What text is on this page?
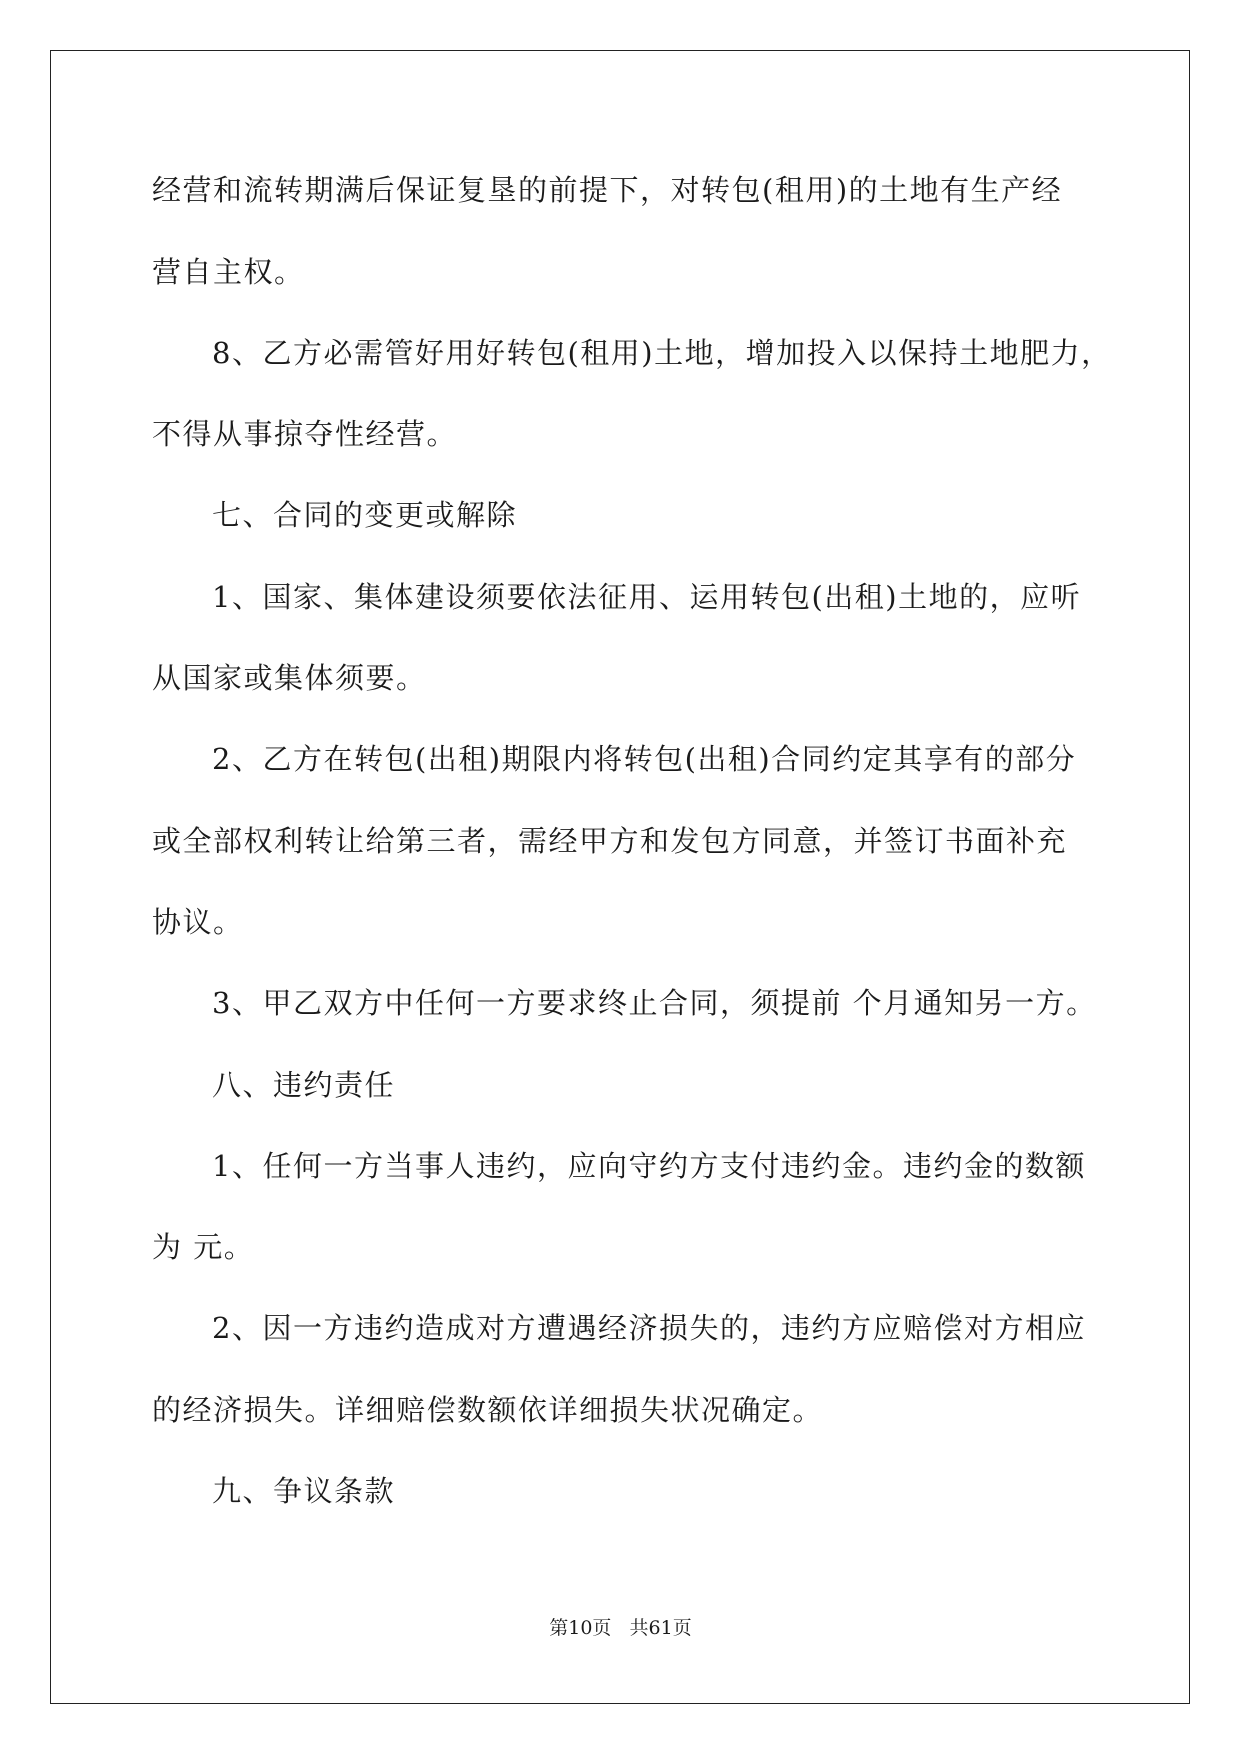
经营和流转期满后保证复垦的前提下，对转包(租用)的土地有生产经
营自主权。
8、乙方必需管好用好转包(租用)土地，增加投入以保持土地肥力，
不得从事掠夺性经营。
七、合同的变更或解除
1、国家、集体建设须要依法征用、运用转包(出租)土地的，应听
从国家或集体须要。
2、乙方在转包(出租)期限内将转包(出租)合同约定其享有的部分
或全部权利转让给第三者，需经甲方和发包方同意，并签订书面补充
协议。
3、甲乙双方中任何一方要求终止合同，须提前 个月通知另一方。
八、违约责任
1、任何一方当事人违约，应向守约方支付违约金。违约金的数额
为 元。
2、因一方违约造成对方遭遇经济损失的，违约方应赔偿对方相应
的经济损失。详细赔偿数额依详细损失状况确定。
九、争议条款
第10页   共61页
